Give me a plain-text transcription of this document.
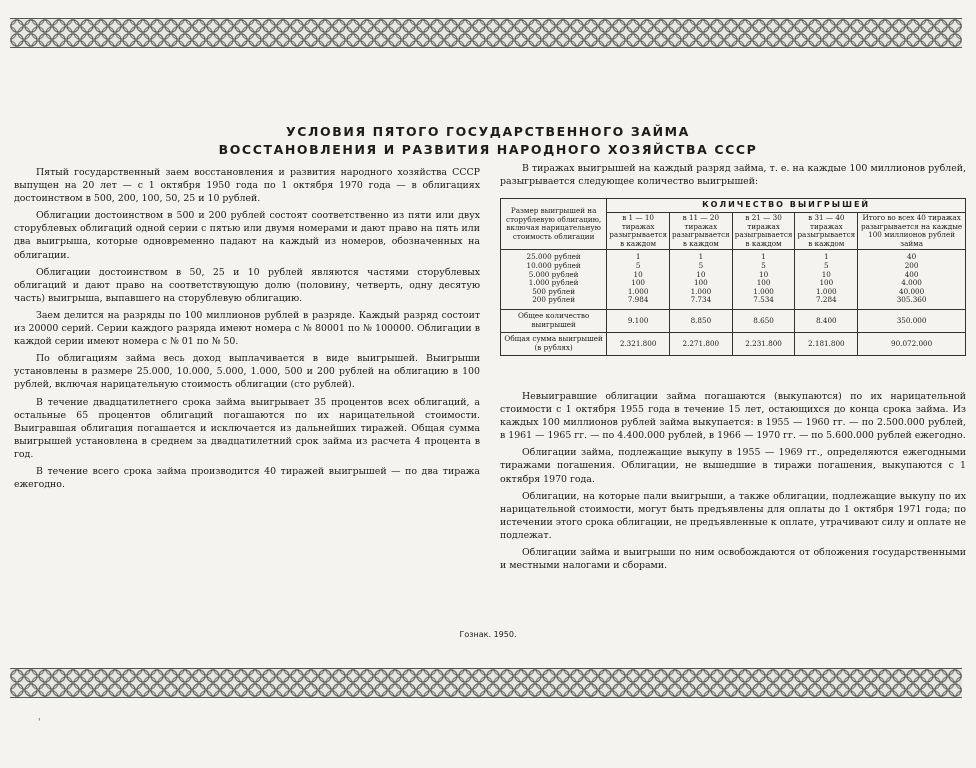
УСЛОВИЯ ПЯТОГО ГОСУДАРСТВЕННОГО ЗАЙМА
ВОССТАНОВЛЕНИЯ И РАЗВИТИЯ НАРОДНОГО ХОЗЯЙСТВА СССР

Пятый государственный заем восстановления и развития народного хозяйства СССР выпущен на 20 лет — с 1 октября 1950 года по 1 октября 1970 года — в облигациях достоинством в 500, 200, 100, 50, 25 и 10 рублей.

Облигации достоинством в 500 и 200 рублей состоят соответственно из пяти или двух сторублевых облигаций одной серии с пятью или двумя номерами и дают право на пять или два выигрыша, которые одновременно падают на каждый из номеров, обозначенных на облигации.

Облигации достоинством в 50, 25 и 10 рублей являются частями сторублевых облигаций и дают право на соответствующую долю (половину, четверть, одну десятую часть) выигрыша, выпавшего на сторублевую облигацию.

Заем делится на разряды по 100 миллионов рублей в разряде. Каждый разряд состоит из 20000 серий. Серии каждого разряда имеют номера с № 80001 по № 100000. Облигации в каждой серии имеют номера с № 01 по № 50.

По облигациям займа весь доход выплачивается в виде выигрышей. Выигрыши установлены в размере 25.000, 10.000, 5.000, 1.000, 500 и 200 рублей на облигацию в 100 рублей, включая нарицательную стоимость облигации (сто рублей).

В течение двадцатилетнего срока займа выигрывает 35 процентов всех облигаций, а остальные 65 процентов облигаций погашаются по их нарицательной стоимости. Выигравшая облигация погашается и исключается из дальнейших тиражей. Общая сумма выигрышей установлена в среднем за двадцатилетний срок займа из расчета 4 процента в год.

В течение всего срока займа производится 40 тиражей выигрышей — по два тиража ежегодно.

В тиражах выигрышей на каждый разряд займа, т. е. на каждые 100 миллионов рублей, разыгрывается следующее количество выигрышей:

Размер выигрышей на сторублевую облигацию, включая нарицательную стоимость облигации	КОЛИЧЕСТВО ВЫИГРЫШЕЙ				
	в 1 — 10 тиражах разыгрывается в каждом	в 11 — 20 тиражах разыгрывается в каждом	в 21 — 30 тиражах разыгрывается в каждом	в 31 — 40 тиражах разыгрывается в каждом	Итого во всех 40 тиражах разыгрывается на каждые 100 миллионов рублей займа
25.000 рублей	1	1	1	1	40
10.000 рублей	5	5	5	5	200
5.000 рублей	10	10	10	10	400
1.000 рублей	100	100	100	100	4.000
500 рублей	1.000	1.000	1.000	1.000	40.000
200 рублей	7.984	7.734	7.534	7.284	305.360
Общее количество выигрышей	9.100	8.850	8.650	8.400	350.000
Общая сумма выигрышей (в рублях)	2.321.800	2.271.800	2.231.800	2.181.800	90.072.000

Невыигравшие облигации займа погашаются (выкупаются) по их нарицательной стоимости с 1 октября 1955 года в течение 15 лет, остающихся до конца срока займа. Из каждых 100 миллионов рублей займа выкупается: в 1955 — 1960 гг. — по 2.500.000 рублей, в 1961 — 1965 гг. — по 4.400.000 рублей, в 1966 — 1970 гг. — по 5.600.000 рублей ежегодно.

Облигации займа, подлежащие выкупу в 1955 — 1969 гг., определяются ежегодными тиражами погашения. Облигации, не вышедшие в тиражи погашения, выкупаются с 1 октября 1970 года.

Облигации, на которые пали выигрыши, а также облигации, подлежащие выкупу по их нарицательной стоимости, могут быть предъявлены для оплаты до 1 октября 1971 года; по истечении этого срока облигации, не предъявленные к оплате, утрачивают силу и оплате не подлежат.

Облигации займа и выигрыши по ним освобождаются от обложения государственными и местными налогами и сборами.

Гознак. 1950.
'
